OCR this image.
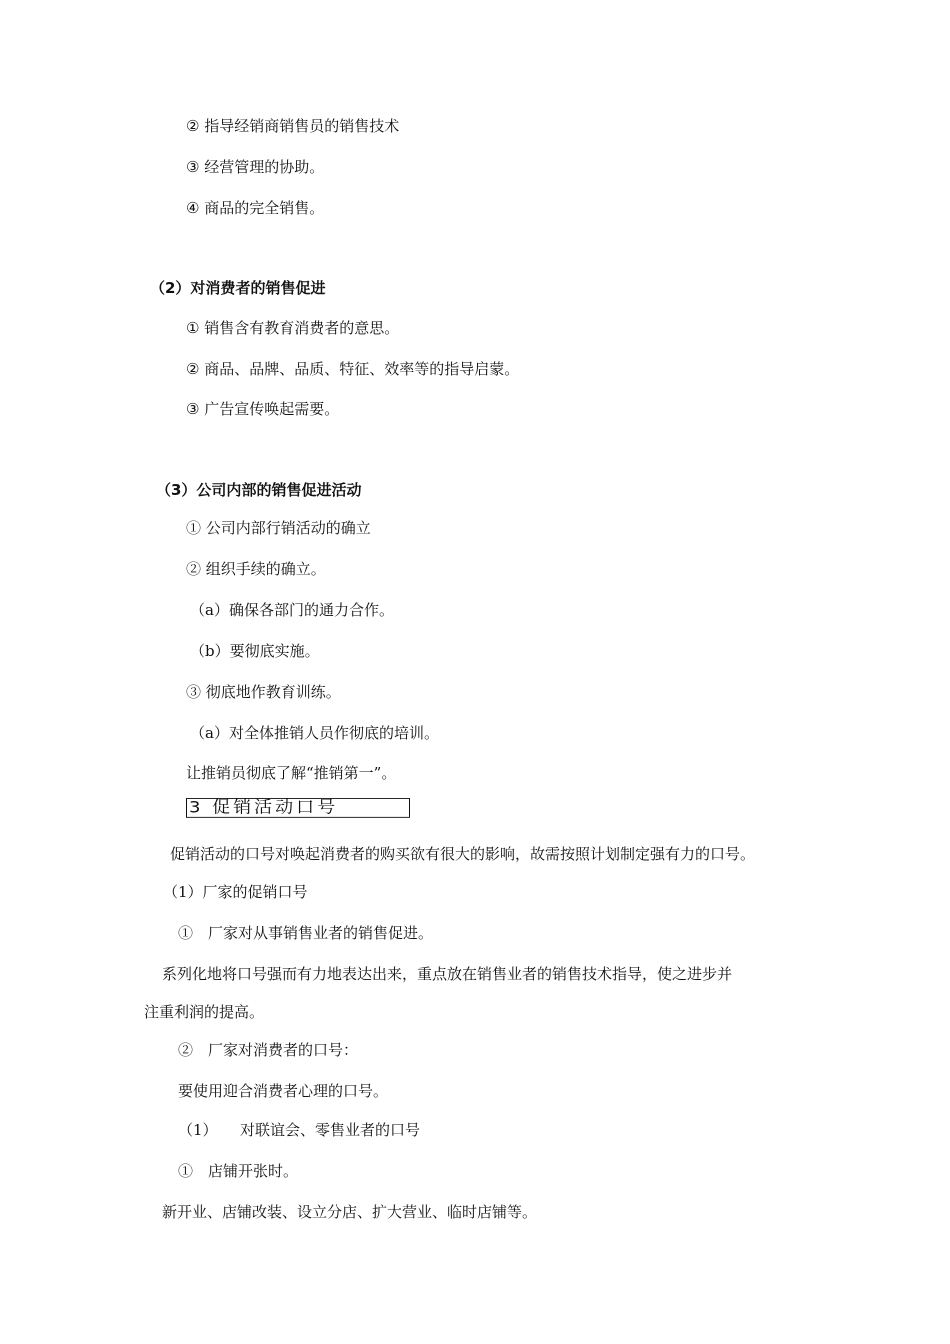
② 指导经销商销售员的销售技术
③ 经营管理的协助。
④ 商品的完全销售。
（2）对消费者的销售促进
① 销售含有教育消费者的意思。
② 商品、品牌、品质、特征、效率等的指导启蒙。
③ 广告宣传唤起需要。
（3）公司内部的销售促进活动
① 公司内部行销活动的确立
② 组织手续的确立。
（a）确保各部门的通力合作。
（b）要彻底实施。
③ 彻底地作教育训练。
（a）对全体推销人员作彻底的培训。
让推销员彻底了解“推销第一”。
3 促销活动口号
促销活动的口号对唤起消费者的购买欲有很大的影响，故需按照计划制定强有力的口号。
（1）厂家的促销口号
①　厂家对从事销售业者的销售促进。
系列化地将口号强而有力地表达出来，重点放在销售业者的销售技术指导，使之进步并
注重利润的提高。
②　厂家对消费者的口号：
要使用迎合消费者心理的口号。
（1）　　对联谊会、零售业者的口号
①　店铺开张时。
新开业、店铺改装、设立分店、扩大营业、临时店铺等。
